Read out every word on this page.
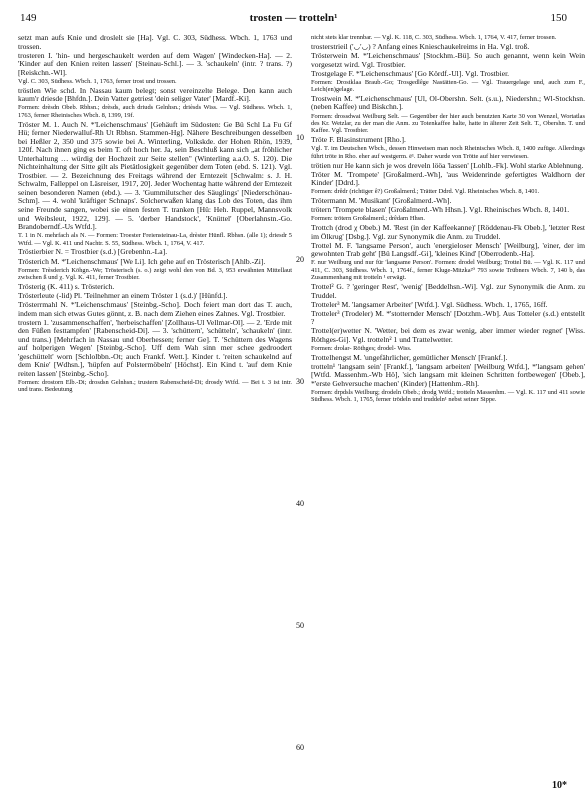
149	trosten — trotteln¹	150

setzt man aufs Knie und droslelt sie [Ha]. Vgl. C. 303, Südhess. Wbch. 1, 1763 und trossen.

trosteren I. 'hin- und hergeschaukelt werden auf dem Wagen' [Windecken-Ha]. — 2. 'Kinder auf den Knien reiten lassen' [Steinau-Schl.]. — 3. 'schaukeln' (intr. ? trans. ?) [Reiskchn.-Wl].

Vgl. C. 303, Südhess. Wbch. 1, 1763, ferner trost und trossen.

tröstlen Wie schd. In Nassau kaum belegt; sonst vereinzelte Belege. Den kann auch kaum'r driesde [Bhfdn.]. Dein Vatter getriest 'dein seliger Vater' [Mardf.-Ki].

Formen: drèsdn Obeb. Rbhsn.; drèsds, auch driuds Gelnhsn.; drièsds Wiss. — Vgl. Südhess. Wbch. 1, 1763, ferner Rheinisches Wbch. 8, 1399, 19f.

Tröster M. 1. Auch N. *'Leichenschmaus' [Gehäuft im Südosten: Ge Bü Schl La Fu Gf Hü; ferner Niederwalluf-Rh Ut Rbhsn. Stammen-Hg]. Nähere Beschreibungen desselben bei Heßler 2, 350 und 375 sowie bei A. Winterling, Volkskde. der Hohen Rhön, 1939, 120f. Nach ihnen ging es beim T. oft hoch her. Ja, sein Beschluß kann sich „at fröhlicher Unterhaltung … würdig der Hochzeit zur Seite stellen" (Winterling a.a.O. S. 120). Die Nichteinhaltung der Sitte gilt als Pietätlosigkeit gegenüber dem Toten (ebd. S. 121). Vgl. Trostbier. — 2. Bezeichnung des Freitags während der Erntezeit [Schwalm: s. J. H. Schwalm, Falleppel on Läsreiser, 1917, 20]. Jeder Wochentag hatte während der Erntezeit seinen besonderen Namen (ebd.). — 3. 'Gummilutscher des Säuglings' [Niederschönau-Schm]. — 4. wohl 'kräftiger Schnaps'. Solcherwaßen klang das Lob des Toten, das ihm seine Freunde sangen, wobei sie einen festen T. tranken [Hü: Heh. Ruppel, Mannsvolk und Weibsleut, 1922, 129]. — 5. 'derber Handstock', 'Knüttel' [Oberlahnstn.-Go. Brandoberndf.-Us Wtfd.].

T. 1 in N. mehrfach als N. — Formen: Troester Freiensteinau-La, drèster Hünfl. Rbhsn. (alle 1); driesdr 5 Wtfd. — Vgl. K. 411 und Nachtr. S. 55, Südhess. Wbch. 1, 1764, V. 417.

Tröstierbier N. = Trostbier (s.d.) [Grebenhn.-La].

Trösterich M. *'Leichenschmaus' [We Li]. Ich gehe auf en Trösterisch [Ahlb.-Zi].

Formen: Trèsderich Köhgn.-We; Trösterisch (s. o.) zeigt wohl den von Bd. 3, 953 erwähnten Mittellaut zwischen ß und χ. Vgl. K. 411, ferner Trostbier.

Trösterig (K. 411) s. Trösterich.

Trösterleute (-lid) Pl. 'Teilnehmer an einem Tröster 1 (s.d.)' [Hünfd.].

Trösterrmahl N. *'Leichenschmaus' [Steinbg.-Scho]. Doch feiert man dort das T. auch, indem man sich etwas Gutes gönnt, z. B. nach dem Ziehen eines Zahnes. Vgl. Trostbier.

trostern 1. 'zusammenschaffen', 'herbeischaffen' [Zollhaus-Ul Vellmar-Ol]. — 2. 'Erde mit den Füßen festtampfen' [Rabenscheid-Di]. — 3. 'schüttern', 'schütteln', 'schaukeln' (intr. und trans.) [Mehrfach in Nassau und Oberhessen; ferner Ge]. T. 'Schüttern des Wagens auf holperigen Wegen' [Steinbg.-Scho]. Uff dem Wah sinn mer schee gedroodert 'geschüttelt' worn [Schlolbbn.-Ot; auch Frankf. Wett.]. Kinder t. 'reiten schaukelnd auf dem Knie' [Wdhsn.], 'hüpfen auf Polstermöbeln' [Höchst]. Ein Kind t. 'auf dem Knie reiten lassen' [Steinbg.-Scho].

Formen: drostorn Elb.-Di; drosdsn Gelnhsn.; trustern Rabenscheid-Di; drosdy Wtfd. — Bei t. 3 ist intr. und trans. Bedeutung

10
20
30
40
50
60

nicht stets klar trennbar. — Vgl. K. 118, C. 303, Südhess. Wbch. 1, 1764, V. 417, ferner trossen.

trosterstrieil ('◡'◡) ? Anfang eines Knieschaukelreims in Ha. Vgl. troß.

Trösterwein M. *'Leichenschmaus' [Stockhm.-Bü]. So auch genannt, wenn kein Wein vorgesetzt wird. Vgl. Trostbier.

Trostgelage F. *'Leichenschmaus' [Go Kördf.-Ul]. Vgl. Trostbier.

Formen: Drostklaa Braub.-Go; Trosgedlêge Nastätten-Go. — Vgl. Trauergelage und, auch zum F., Leich(en)gelage.

Trostwein M. *'Leichenschmaus' [Ul, Ol-Obershn. Selt. (s.u.), Niedershn.; Wl-Stockhsn. (neben Kaffee) und Biskchn.].

Formen: drossdwai Weilburg Selt. — Gegenüber der hier auch benutzten Karte 30 von Wenzel, Wortatlas des Kr. Wetzlar, zu der man die Anm. zu Totenkaffee halte, hatte in älterer Zeit Selt. T., Obershn. T. und Kaffee. Vgl. Trostbier.

Tröte F. Blasinstrument [Rho.].

Vgl. T. im Deutschen Wbch., dessen Hinweisen man noch Rheinisches Wbch. 8, 1400 zufüge. Allerdings führt tröte in Rho. eher auf westgerm. ē¹. Daher wurde von Trötte auf hier verwiesen.

trötien nur He kann sich je wos dreveln lööa 'lassen' [Lohlb.-Fk]. Wohl starke Ablehnung.

Tröter M. 'Trompete' [Großalmerd.-Wh], 'aus Weidenrinde gefertigtes Waldhorn der Kinder' [Ddrd.].

Formen: drêdr (richtiger ê?) Großalmerd.; Trätter Ddrd. Vgl. Rheinisches Wbch. 8, 1401.

Trötermann M. 'Musikant' [Großalmerd.-Wh].

trötern 'Trompete blasen' [Großalmerd.-Wh Hhsn.]. Vgl. Rheinisches Wbch. 8, 1401.

Formen: trötern Großalmerd.; drêdarn Hhsn.

Trottch (drod χ Obeb.) M. 'Rest (in der Kaffeekanne)' [Röddenau-Fk Obeb.], 'letzter Rest im Ölkrug' [Dsbg.]. Vgl. zur Synonymik die Anm. zu Truddel.

Trottel M. F. 'langsame Person', auch 'energieloser Mensch' [Weilburg], 'einer, der im gewohnten Trab geht' [Bü Langsdf.-Gi], 'kleines Kind' [Oberrodenb.-Ha].

F. nur Weilburg und nur für 'langsame Person'. Formen: drodel Weilburg; Trottel Bü. — Vgl. K. 117 und 411, C. 303, Südhess. Wbch. 1, 1764f., ferner Kluge-Mitzka²⁰ 793 sowie Trübners Wbch. 7, 140 b, das Zusammenhang mit trotteln ¹ erwägt.

Trottel² G. ? 'geringer Rest', 'wenig' [Beddelhsn.-Wi]. Vgl. zur Synonymik die Anm. zu Truddel.

Trotteler³ M. 'langsamer Arbeiter' [Wtfd.]. Vgl. Südhess. Wbch. 1, 1765, 16ff.

Trotteler³ (Trodeler) M. *'stotternder Mensch' [Dotzhm.-Wb]. Aus Totteler (s.d.) entstellt ?

Trottel(er)wetter N. 'Wetter, bei dem es zwar wenig, aber immer wieder regnet' [Wiss. Röthges-Gi]. Vgl. trotteln² 1 und Trattelwetter.

Formen: drolar- Röthges; drodel- Wiss.

Trottelhengst M. 'ungefährlicher, gemütlicher Mensch' [Frankf.].

trotteln¹ 'langsam sein' [Frankf.], 'langsam arbeiten' [Weilburg Wtfd.], *'langsam gehen' [Wtfd. Massenhm.-Wb Hö], 'sich langsam mit kleinen Schritten fortbewegen' [Obeb.], *'erste Gehversuche machen' (Kinder) [Hattenhm.-Rh].

Formen: drpdsls Weilburg; drodeln Obeb.; drodg Wtfd.; trotteln Massenhm. — Vgl. K. 117 und 411 sowie Südhess. Wbch. 1, 1765, ferner trödeln und truddeln¹ nebst seiner Sippe.

10*
